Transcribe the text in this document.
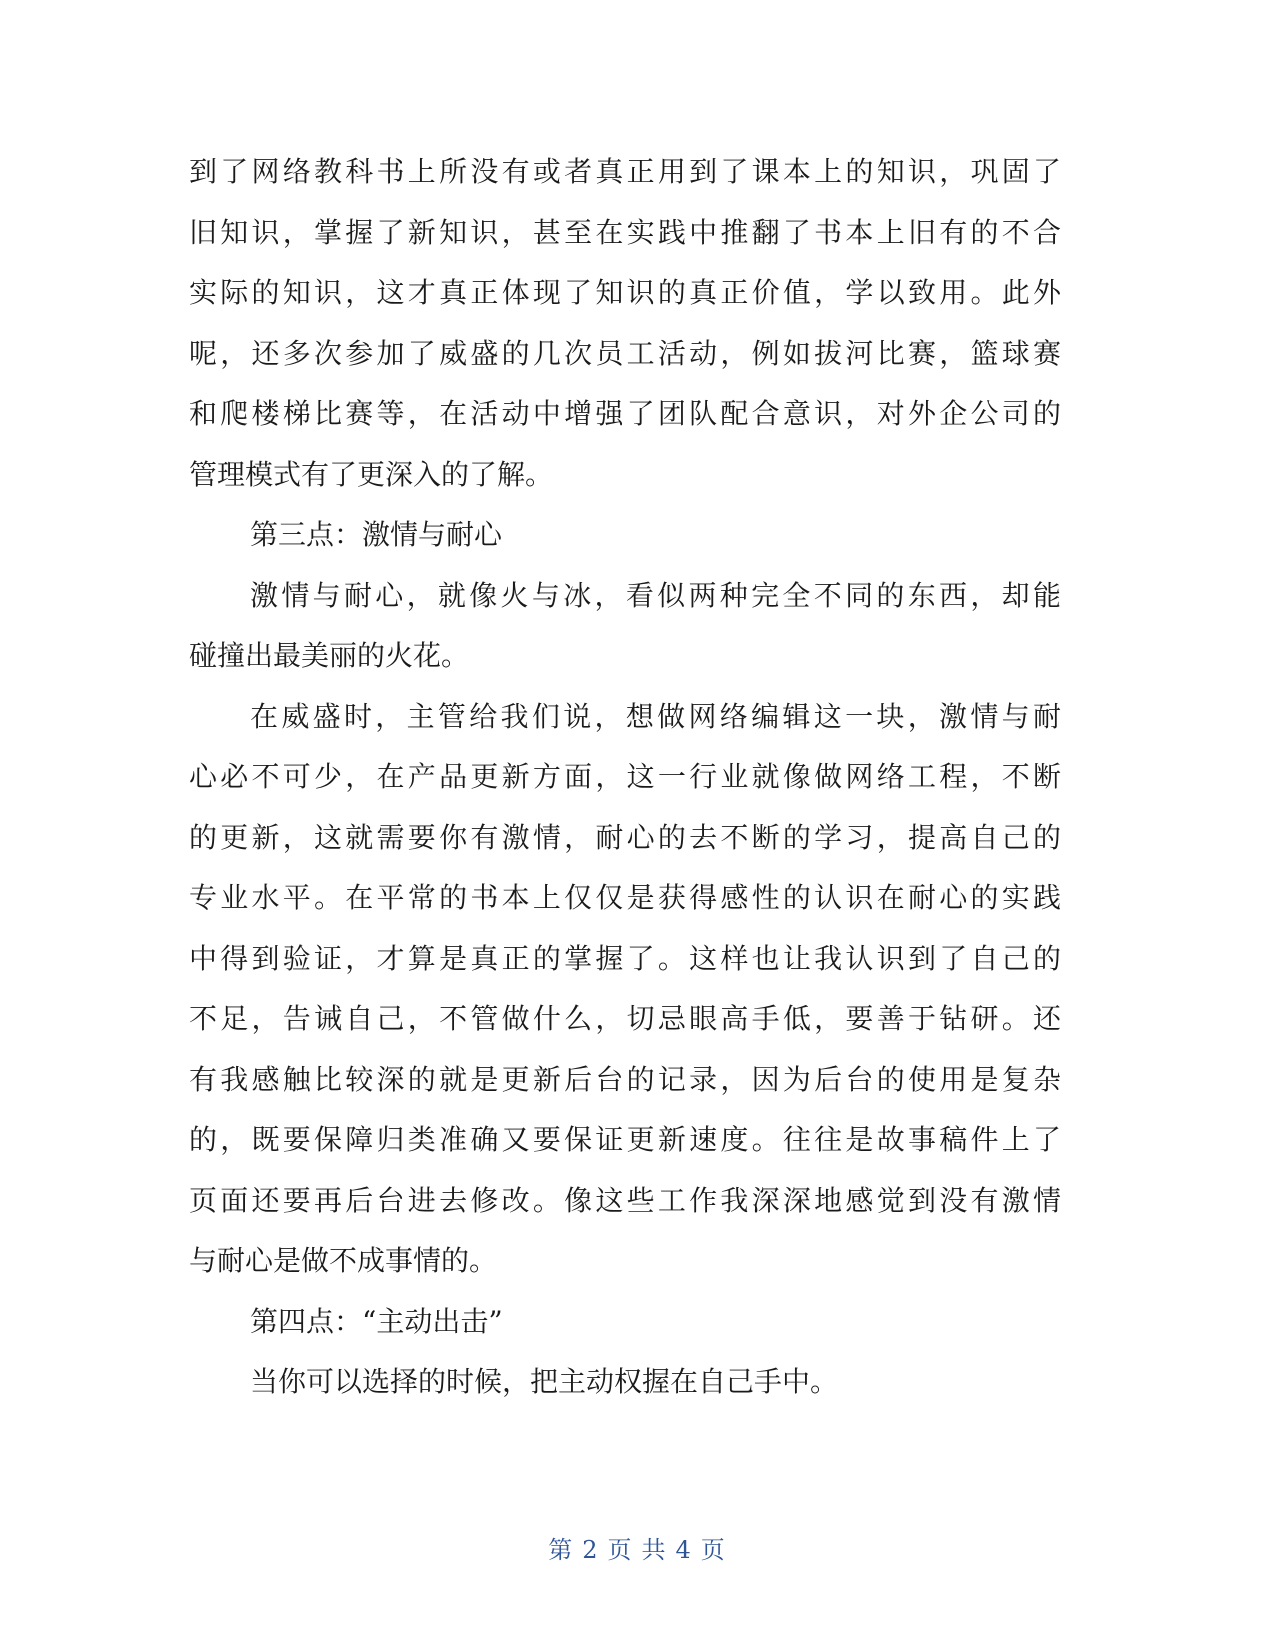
到了网络教科书上所没有或者真正用到了课本上的知识，巩固了
旧知识，掌握了新知识，甚至在实践中推翻了书本上旧有的不合
实际的知识，这才真正体现了知识的真正价值，学以致用。此外
呢，还多次参加了威盛的几次员工活动，例如拔河比赛，篮球赛
和爬楼梯比赛等，在活动中增强了团队配合意识，对外企公司的
管理模式有了更深入的了解。
第三点：激情与耐心
激情与耐心，就像火与冰，看似两种完全不同的东西，却能
碰撞出最美丽的火花。
在威盛时，主管给我们说，想做网络编辑这一块，激情与耐
心必不可少，在产品更新方面，这一行业就像做网络工程，不断
的更新，这就需要你有激情，耐心的去不断的学习，提高自己的
专业水平。在平常的书本上仅仅是获得感性的认识在耐心的实践
中得到验证，才算是真正的掌握了。这样也让我认识到了自己的
不足，告诫自己，不管做什么，切忌眼高手低，要善于钻研。还
有我感触比较深的就是更新后台的记录，因为后台的使用是复杂
的，既要保障归类准确又要保证更新速度。往往是故事稿件上了
页面还要再后台进去修改。像这些工作我深深地感觉到没有激情
与耐心是做不成事情的。
第四点：“主动出击”
当你可以选择的时候，把主动权握在自己手中。
第 2 页 共 4 页
